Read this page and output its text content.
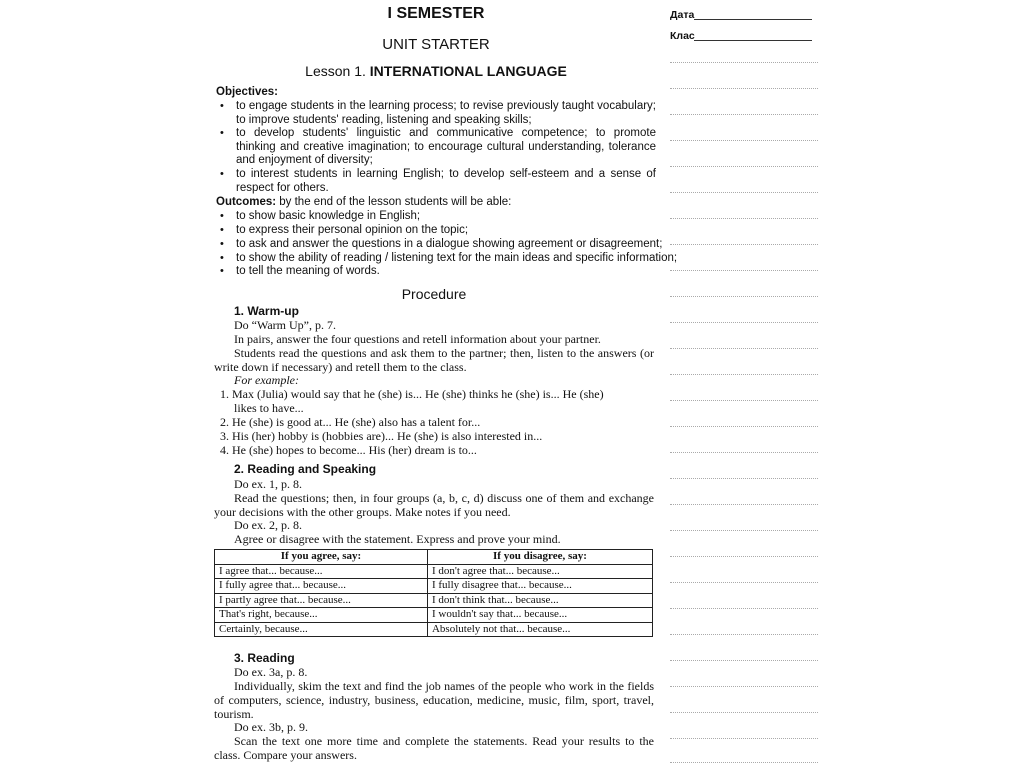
I SEMESTER
UNIT STARTER
Lesson 1. INTERNATIONAL LANGUAGE
Дата
Клас
Objectives:
• to engage students in the learning process; to revise previously taught vocabulary; to improve students' reading, listening and speaking skills;
• to develop students' linguistic and communicative competence; to promote thinking and creative imagination; to encourage cultural understanding, tolerance and enjoyment of diversity;
• to interest students in learning English; to develop self-esteem and a sense of respect for others.
Outcomes: by the end of the lesson students will be able:
• to show basic knowledge in English;
• to express their personal opinion on the topic;
• to ask and answer the questions in a dialogue showing agreement or disagreement;
• to show the ability of reading / listening text for the main ideas and specific information;
• to tell the meaning of words.
Procedure
1. Warm-up
Do “Warm Up”, p. 7.
In pairs, answer the four questions and retell information about your partner.
Students read the questions and ask them to the partner; then, listen to the answers (or write down if necessary) and retell them to the class.
For example:
1. Max (Julia) would say that he (she) is... He (she) thinks he (she) is... He (she)
likes to have...
2. He (she) is good at... He (she) also has a talent for...
3. His (her) hobby is (hobbies are)... He (she) is also interested in...
4. He (she) hopes to become... His (her) dream is to...
2. Reading and Speaking
Do ex. 1, p. 8.
Read the questions; then, in four groups (a, b, c, d) discuss one of them and exchange your decisions with the other groups. Make notes if you need.
Do ex. 2, p. 8.
Agree or disagree with the statement. Express and prove your mind.
If you agree, say:	If you disagree, say:
I agree that... because...	I don't agree that... because...
I fully agree that... because...	I fully disagree that... because...
I partly agree that... because...	I don't think that... because...
That's right, because...	I wouldn't say that... because...
Certainly, because...	Absolutely not that... because...
3. Reading
Do ex. 3a, p. 8.
Individually, skim the text and find the job names of the people who work in the fields of computers, science, industry, business, education, medicine, music, film, sport, travel, tourism.
Do ex. 3b, p. 9.
Scan the text one more time and complete the statements. Read your results to the class. Compare your answers.
